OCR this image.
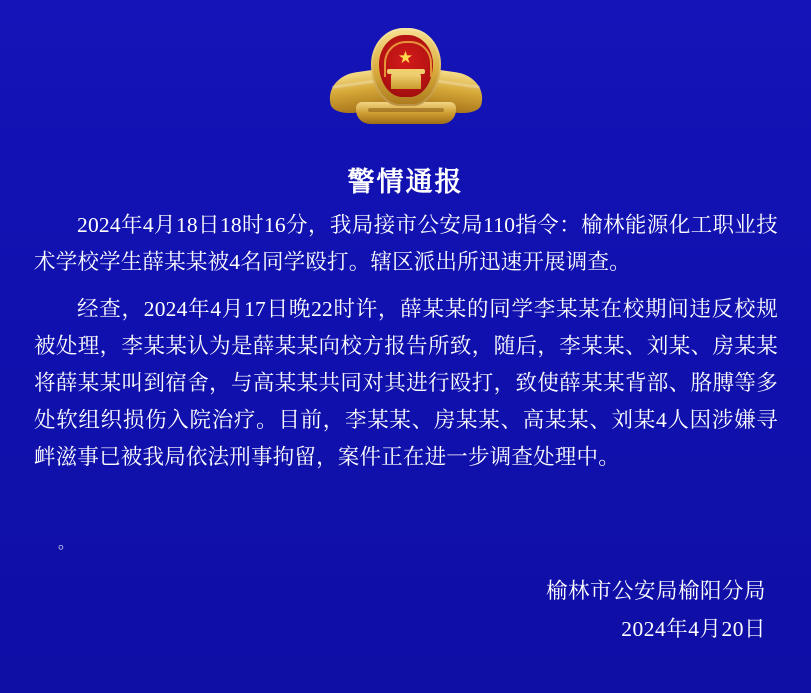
★
警情通报

2024年4月18日18时16分，我局接市公安局110指令：榆林能源化工职业技术学校学生薛某某被4名同学殴打。辖区派出所迅速开展调查。

经查，2024年4月17日晚22时许，薛某某的同学李某某在校期间违反校规被处理，李某某认为是薛某某向校方报告所致，随后，李某某、刘某、房某某将薛某某叫到宿舍，与高某某共同对其进行殴打，致使薛某某背部、胳膊等多处软组织损伤入院治疗。目前，李某某、房某某、高某某、刘某4人因涉嫌寻衅滋事已被我局依法刑事拘留，案件正在进一步调查处理中。

。
榆林市公安局榆阳分局
2024年4月20日
